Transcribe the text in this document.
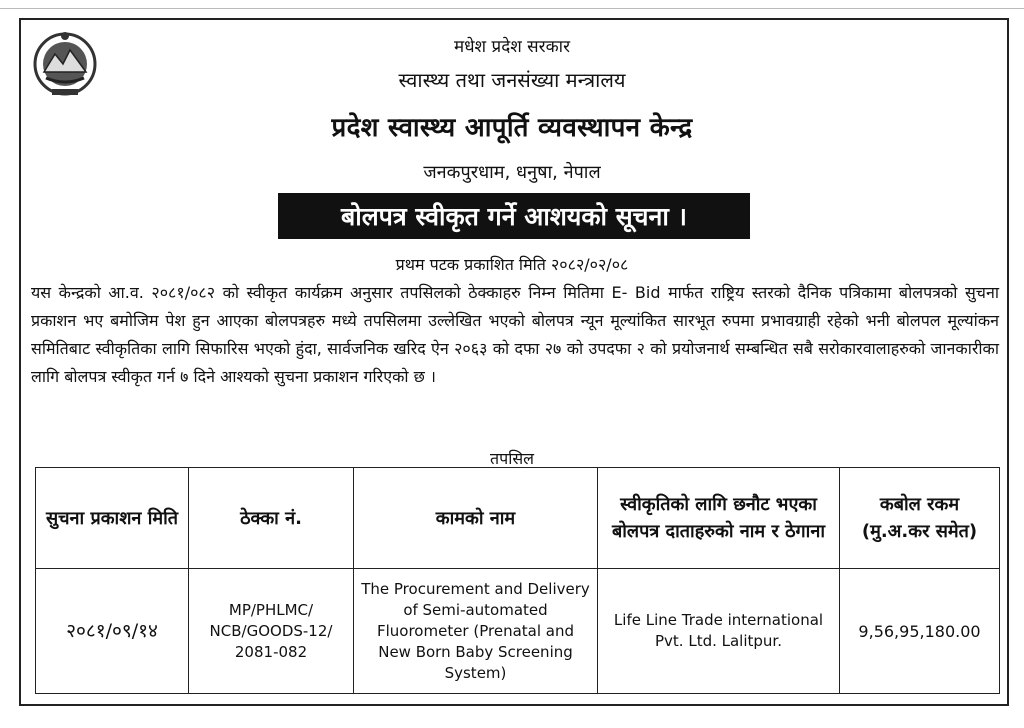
मधेश प्रदेश सरकार
स्वास्थ्य तथा जनसंख्या मन्त्रालय
प्रदेश स्वास्थ्य आपूर्ति व्यवस्थापन केन्द्र
जनकपुरधाम, धनुषा, नेपाल
बोलपत्र स्वीकृत गर्ने आशयको सूचना ।
प्रथम पटक प्रकाशित मिति २०८२/०२/०८
यस केन्द्रको आ.व. २०८१/०८२ को स्वीकृत कार्यक्रम अनुसार तपसिलको ठेक्काहरु निम्न मितिमा E- Bid मार्फत राष्ट्रिय स्तरको दैनिक पत्रिकामा बोलपत्रको सुचना प्रकाशन भए बमोजिम पेश हुन आएका बोलपत्रहरु मध्ये तपसिलमा उल्लेखित भएको बोलपत्र न्यून मूल्यांकित सारभूत रुपमा प्रभावग्राही रहेको भनी बोलपल मूल्यांकन समितिबाट स्वीकृतिका लागि सिफारिस भएको हुंदा, सार्वजनिक खरिद ऐन २०६३ को दफा २७ को उपदफा २ को प्रयोजनार्थ सम्बन्धित सबै सरोकारवालाहरुको जानकारीका लागि बोलपत्र स्वीकृत गर्न ७ दिने आश्यको सुचना प्रकाशन गरिएको छ ।
तपसिल
सुचना प्रकाशन मिति	ठेक्का नं.	कामको नाम	स्वीकृतिको लागि छनौट भएका बोलपत्र दाताहरुको नाम र ठेगाना	कबोल रकम (मु.अ.कर समेत)
२०८१/०९/१४	MP/PHLMC/ NCB/GOODS-12/ 2081-082	The Procurement and Delivery of Semi-automated Fluorometer (Prenatal and New Born Baby Screening System)	Life Line Trade international Pvt. Ltd. Lalitpur.	9,56,95,180.00
